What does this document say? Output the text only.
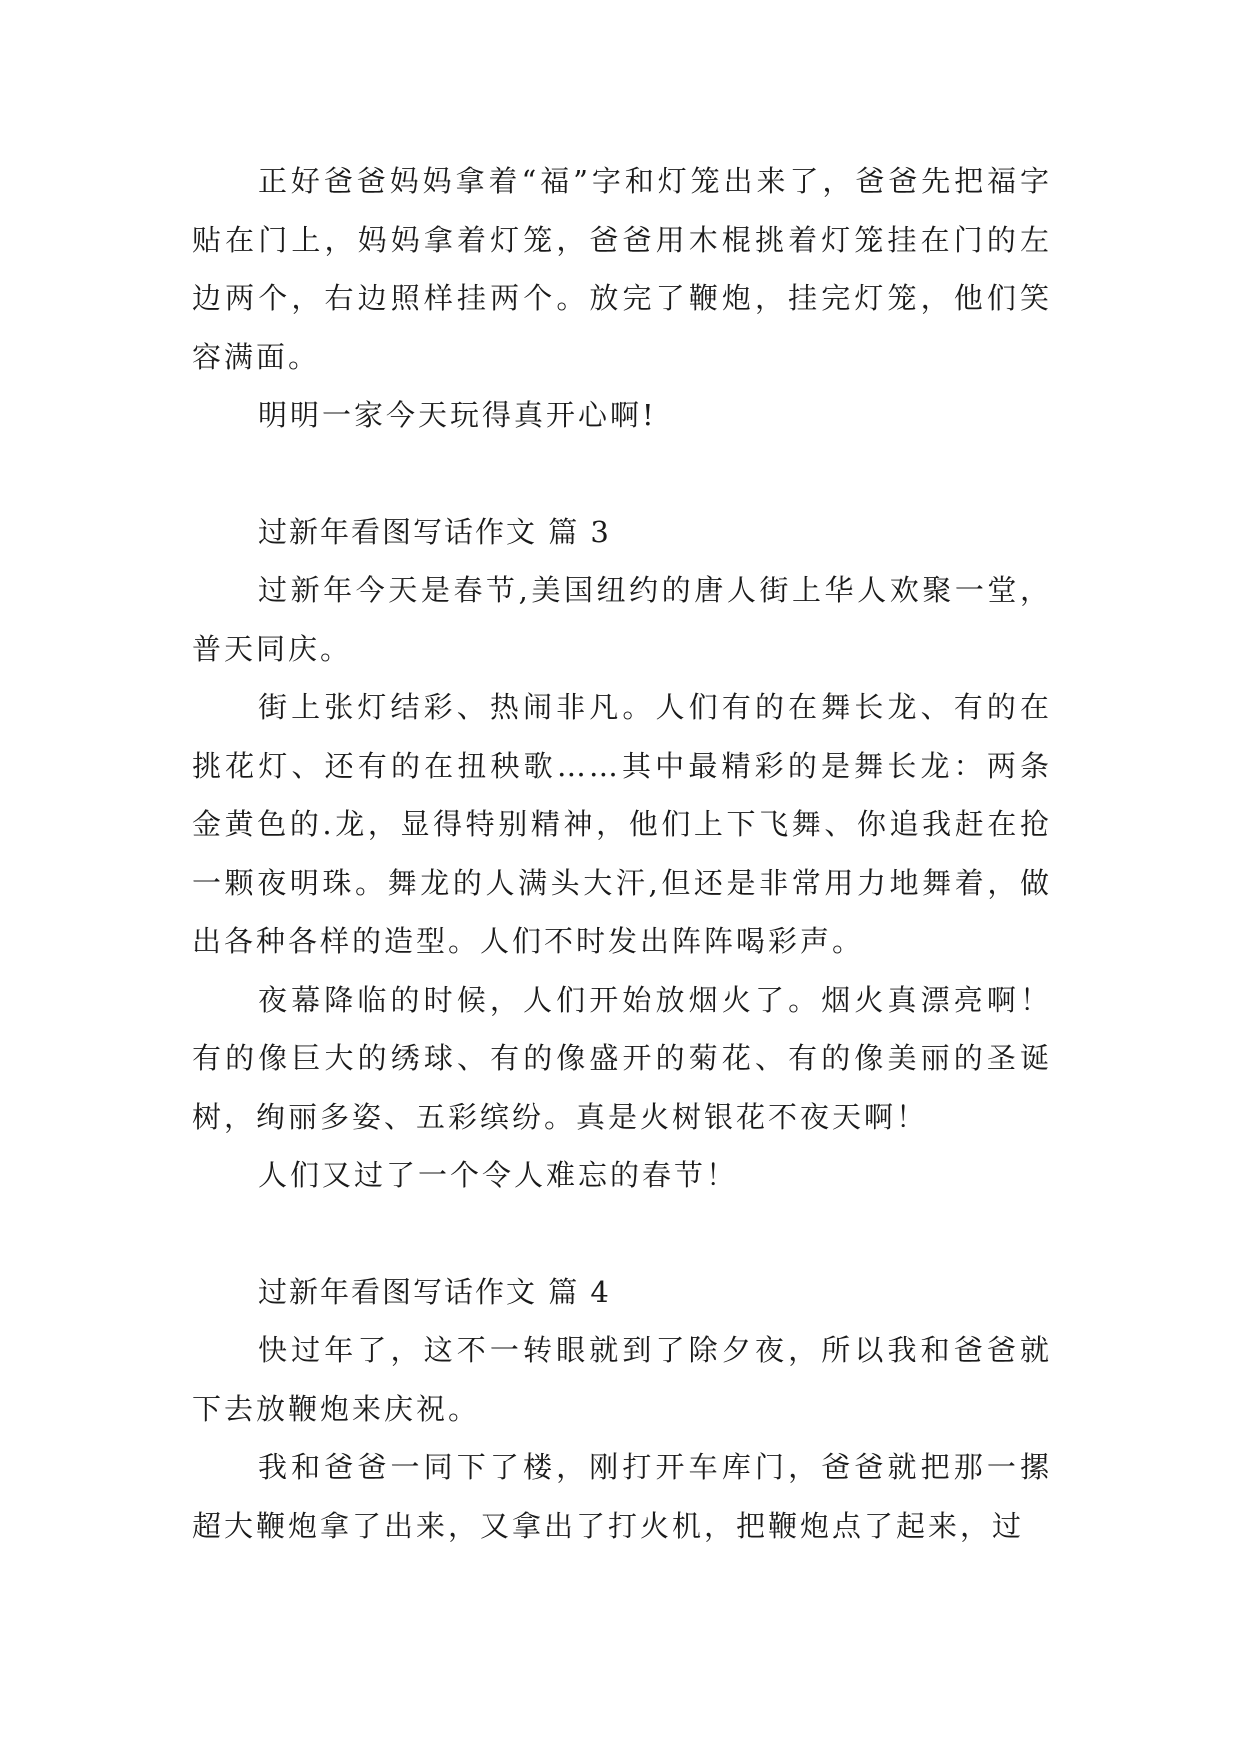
正好爸爸妈妈拿着“福”字和灯笼出来了，爸爸先把福字贴在门上，妈妈拿着灯笼，爸爸用木棍挑着灯笼挂在门的左边两个，右边照样挂两个。放完了鞭炮，挂完灯笼，他们笑容满面。

明明一家今天玩得真开心啊!

过新年看图写话作文 篇 3

过新年今天是春节,美国纽约的唐人街上华人欢聚一堂，普天同庆。

街上张灯结彩、热闹非凡。人们有的在舞长龙、有的在挑花灯、还有的在扭秧歌……其中最精彩的是舞长龙：两条金黄色的.龙，显得特别精神，他们上下飞舞、你追我赶在抢一颗夜明珠。舞龙的人满头大汗,但还是非常用力地舞着，做出各种各样的造型。人们不时发出阵阵喝彩声。

夜幕降临的时候，人们开始放烟火了。烟火真漂亮啊！有的像巨大的绣球、有的像盛开的菊花、有的像美丽的圣诞树，绚丽多姿、五彩缤纷。真是火树银花不夜天啊！

人们又过了一个令人难忘的春节！

过新年看图写话作文 篇 4

快过年了，这不一转眼就到了除夕夜，所以我和爸爸就下去放鞭炮来庆祝。

我和爸爸一同下了楼，刚打开车库门，爸爸就把那一摞超大鞭炮拿了出来，又拿出了打火机，把鞭炮点了起来，过
